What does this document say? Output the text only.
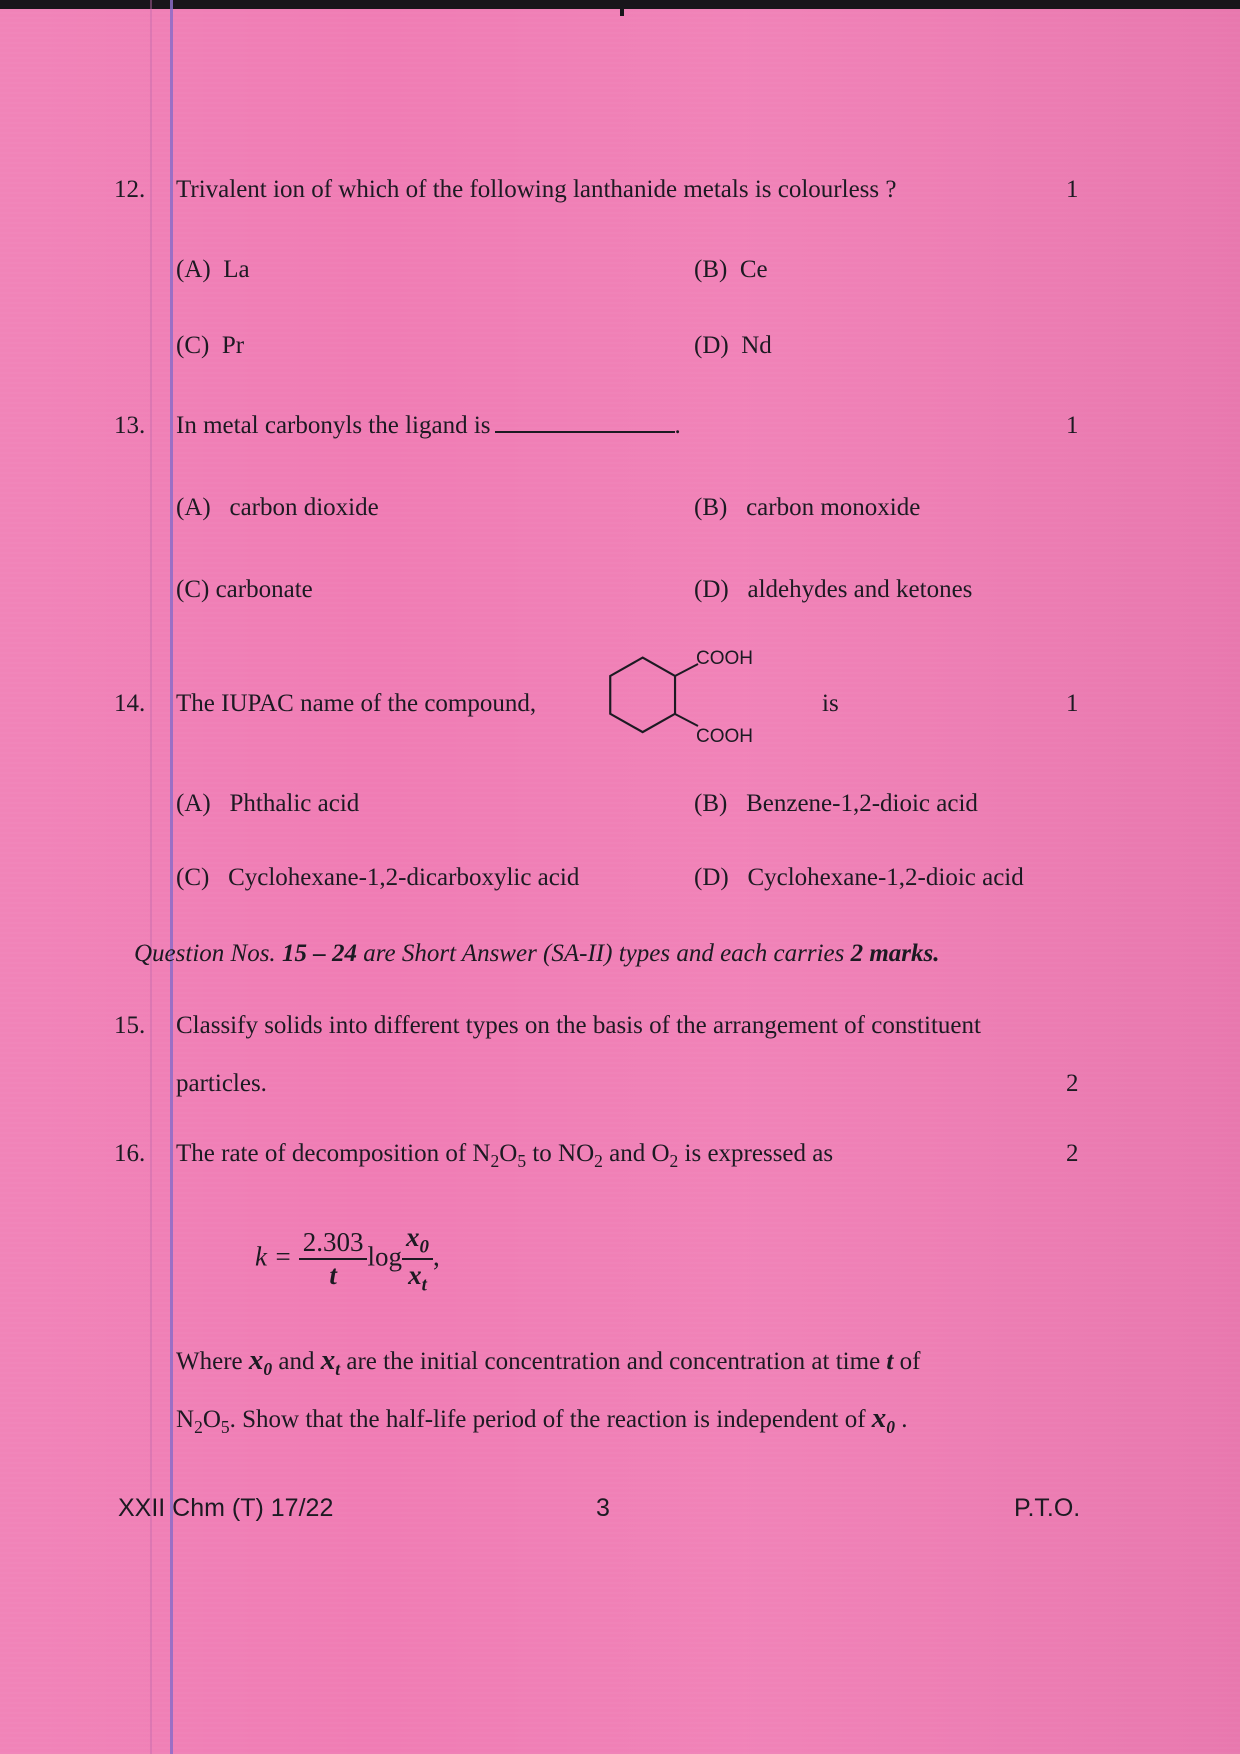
12. Trivalent ion of which of the following lanthanide metals is colourless ?	1
(A) La	(B) Ce
(C) Pr	(D) Nd
13. In metal carbonyls the ligand is	.	1
(A) carbon dioxide	(B) carbon monoxide
(C) carbonate	(D) aldehydes and ketones
14. The IUPAC name of the compound,
COOH
COOH
is	1
(A) Phthalic acid	(B) Benzene-1,2-dioic acid
(C) Cyclohexane-1,2-dicarboxylic acid	(D) Cyclohexane-1,2-dioic acid
Question Nos. 15 – 24 are Short Answer (SA-II) types and each carries 2 marks.
15. Classify solids into different types on the basis of the arrangement of constituent
particles.	2
16. The rate of decomposition of $N_2O_5$ to $NO_2$ and $O_2$ is expressed as	2
$k = \frac{2.303}{t}$ $\log \frac{x_0}{x_t}$ ,
Where $x_0$ and $x_t$ are the initial concentration and concentration at time t of
$N_2O_5$. Show that the half-life period of the reaction is independent of $x_0$ .
XXII Chm (T) 17/22	3	P.T.O.
